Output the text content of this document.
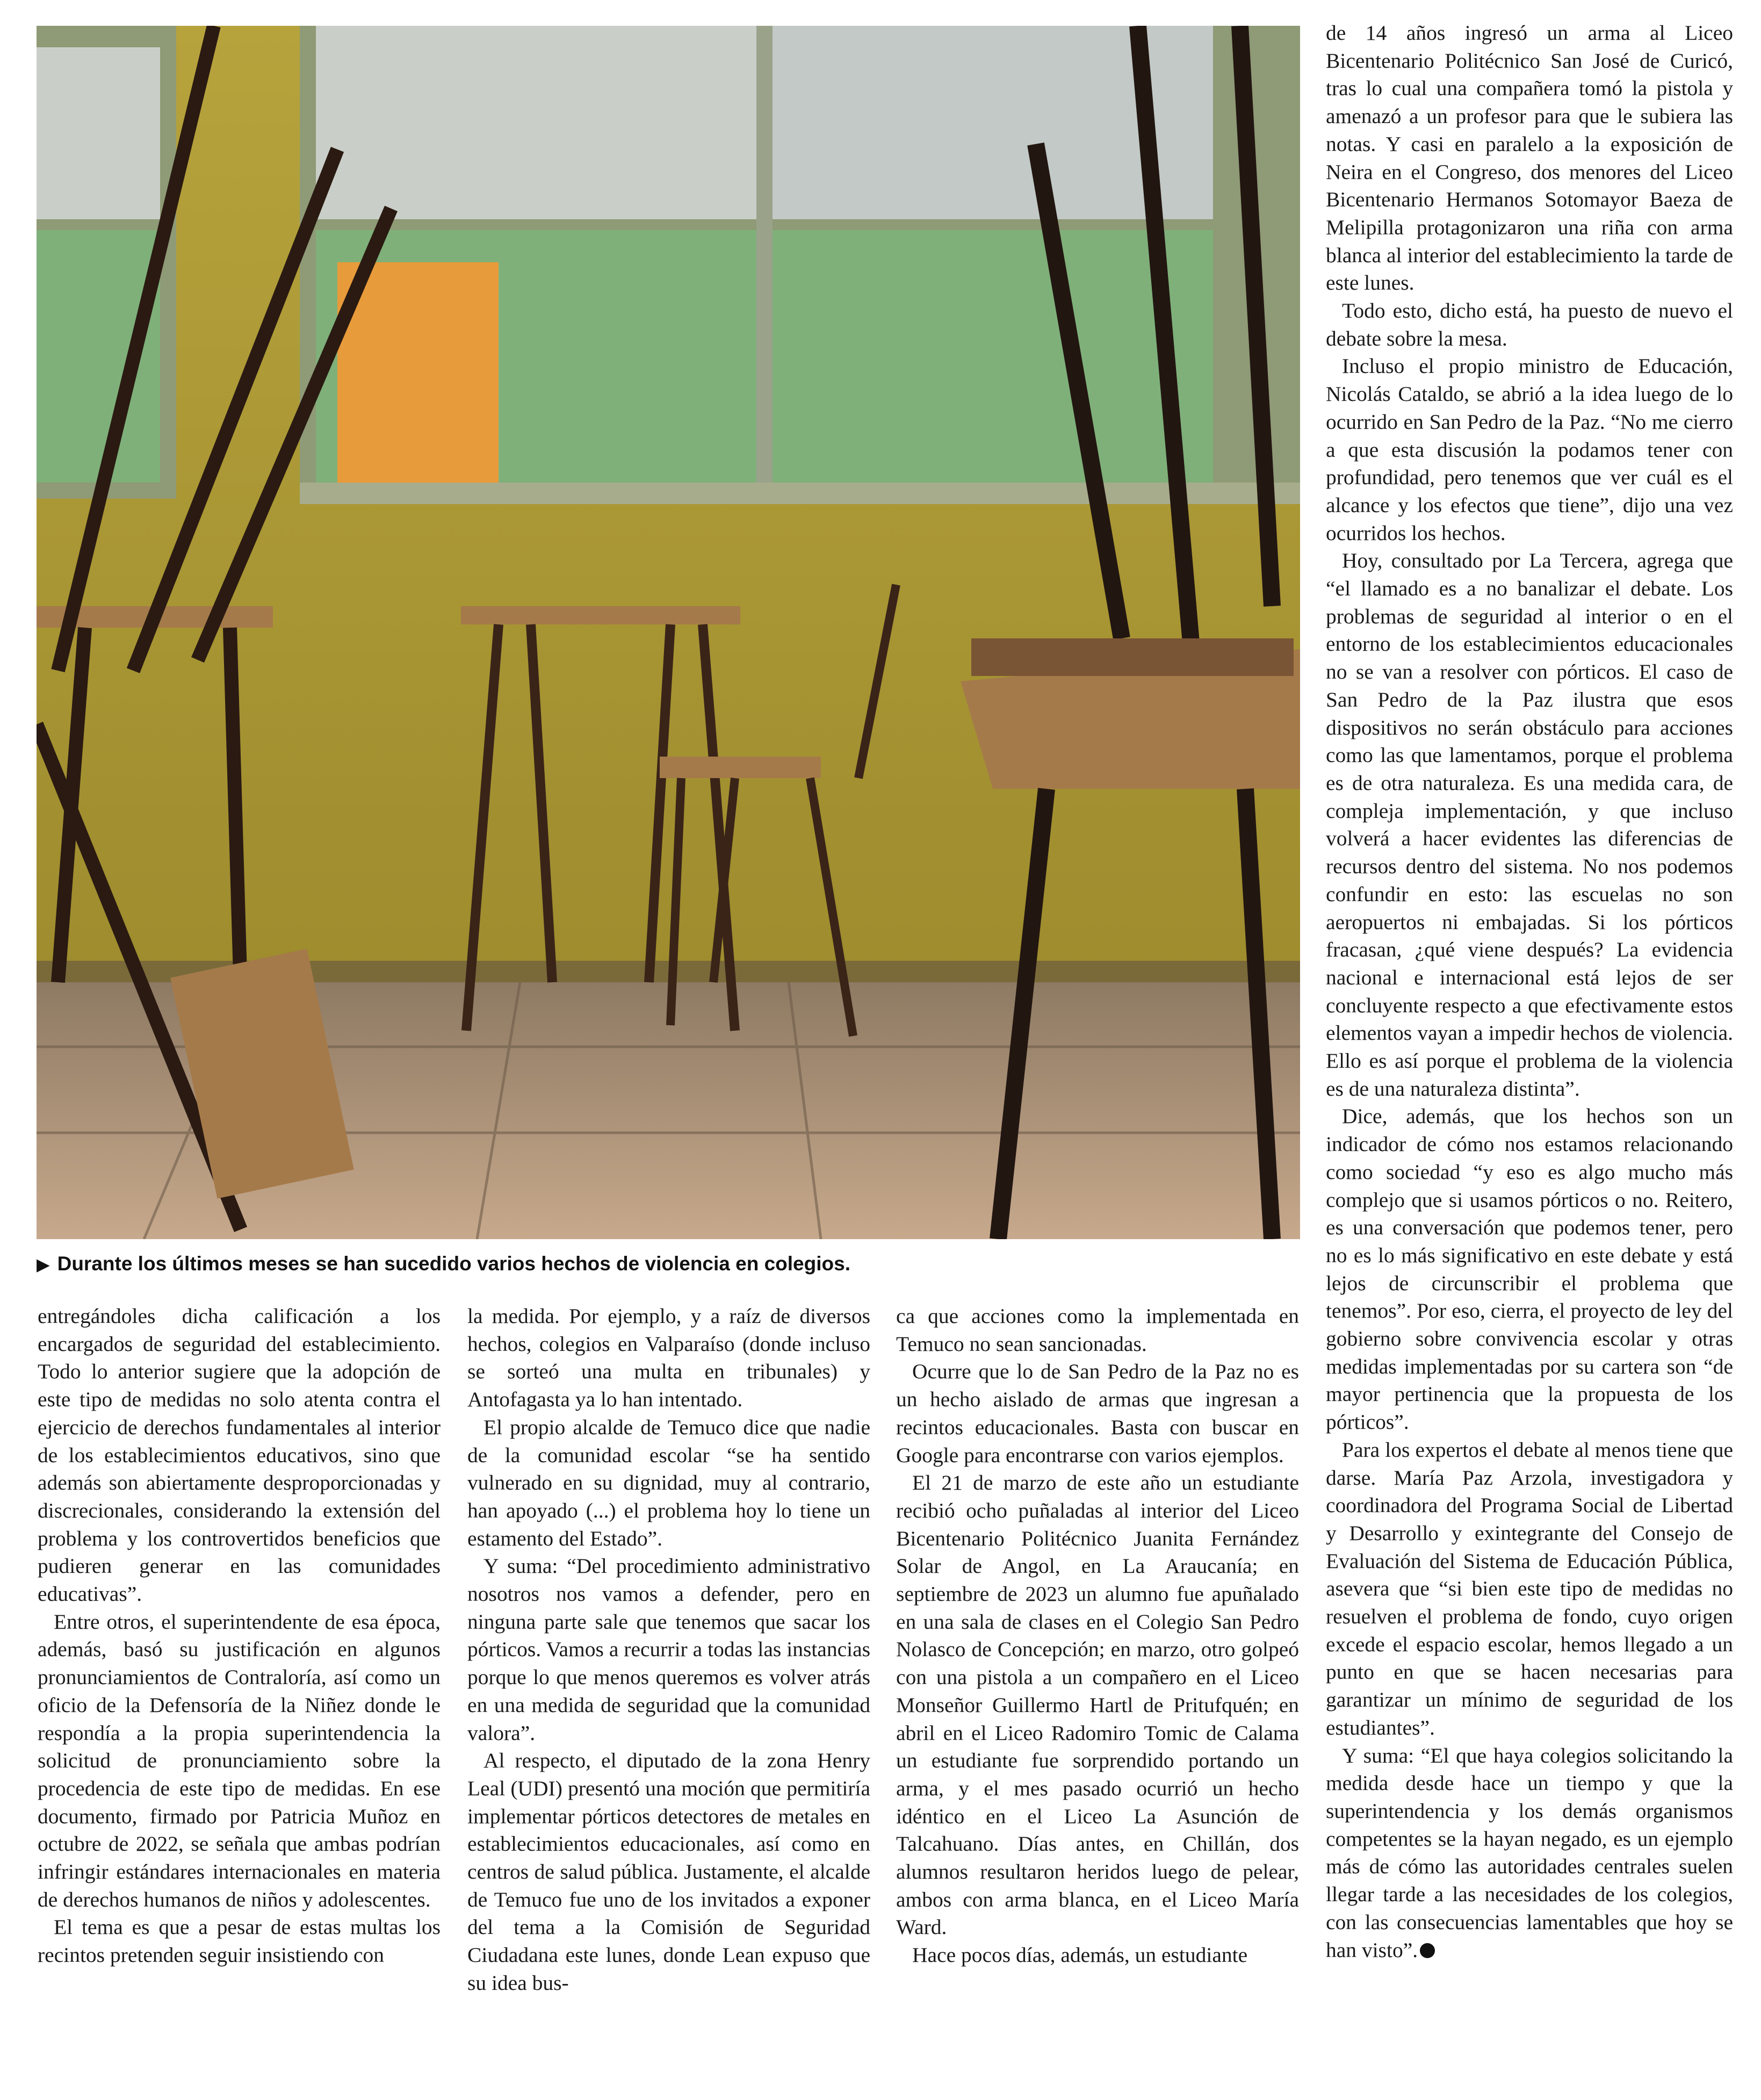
▶ Durante los últimos meses se han sucedido varios hechos de violencia en colegios.

entregándoles dicha calificación a los encargados de seguridad del establecimiento. Todo lo anterior sugiere que la adopción de este tipo de medidas no solo atenta contra el ejercicio de derechos fundamentales al interior de los establecimientos educativos, sino que además son abiertamente desproporcionadas y discrecionales, considerando la extensión del problema y los controvertidos beneficios que pudieren generar en las comunidades educativas”.

Entre otros, el superintendente de esa época, además, basó su justificación en algunos pronunciamientos de Contraloría, así como un oficio de la Defensoría de la Niñez donde le respondía a la propia superintendencia la solicitud de pronunciamiento sobre la procedencia de este tipo de medidas. En ese documento, firmado por Patricia Muñoz en octubre de 2022, se señala que ambas podrían infringir estándares internacionales en materia de derechos humanos de niños y adolescentes.

El tema es que a pesar de estas multas los recintos pretenden seguir insistiendo con

la medida. Por ejemplo, y a raíz de diversos hechos, colegios en Valparaíso (donde incluso se sorteó una multa en tribunales) y Antofagasta ya lo han intentado.

El propio alcalde de Temuco dice que nadie de la comunidad escolar “se ha sentido vulnerado en su dignidad, muy al contrario, han apoyado (...) el problema hoy lo tiene un estamento del Estado”.

Y suma: “Del procedimiento administrativo nosotros nos vamos a defender, pero en ninguna parte sale que tenemos que sacar los pórticos. Vamos a recurrir a todas las instancias porque lo que menos queremos es volver atrás en una medida de seguridad que la comunidad valora”.

Al respecto, el diputado de la zona Henry Leal (UDI) presentó una moción que permitiría implementar pórticos detectores de metales en establecimientos educacionales, así como en centros de salud pública. Justamente, el alcalde de Temuco fue uno de los invitados a exponer del tema a la Comisión de Seguridad Ciudadana este lunes, donde Lean expuso que su idea bus-

ca que acciones como la implementada en Temuco no sean sancionadas.

Ocurre que lo de San Pedro de la Paz no es un hecho aislado de armas que ingresan a recintos educacionales. Basta con buscar en Google para encontrarse con varios ejemplos.

El 21 de marzo de este año un estudiante recibió ocho puñaladas al interior del Liceo Bicentenario Politécnico Juanita Fernández Solar de Angol, en La Araucanía; en septiembre de 2023 un alumno fue apuñalado en una sala de clases en el Colegio San Pedro Nolasco de Concepción; en marzo, otro golpeó con una pistola a un compañero en el Liceo Monseñor Guillermo Hartl de Pritufquén; en abril en el Liceo Radomiro Tomic de Calama un estudiante fue sorprendido portando un arma, y el mes pasado ocurrió un hecho idéntico en el Liceo La Asunción de Talcahuano. Días antes, en Chillán, dos alumnos resultaron heridos luego de pelear, ambos con arma blanca, en el Liceo María Ward.

Hace pocos días, además, un estudiante

de 14 años ingresó un arma al Liceo Bicentenario Politécnico San José de Curicó, tras lo cual una compañera tomó la pistola y amenazó a un profesor para que le subiera las notas. Y casi en paralelo a la exposición de Neira en el Congreso, dos menores del Liceo Bicentenario Hermanos Sotomayor Baeza de Melipilla protagonizaron una riña con arma blanca al interior del establecimiento la tarde de este lunes.

Todo esto, dicho está, ha puesto de nuevo el debate sobre la mesa.

Incluso el propio ministro de Educación, Nicolás Cataldo, se abrió a la idea luego de lo ocurrido en San Pedro de la Paz. “No me cierro a que esta discusión la podamos tener con profundidad, pero tenemos que ver cuál es el alcance y los efectos que tiene”, dijo una vez ocurridos los hechos.

Hoy, consultado por La Tercera, agrega que “el llamado es a no banalizar el debate. Los problemas de seguridad al interior o en el entorno de los establecimientos educacionales no se van a resolver con pórticos. El caso de San Pedro de la Paz ilustra que esos dispositivos no serán obstáculo para acciones como las que lamentamos, porque el problema es de otra naturaleza. Es una medida cara, de compleja implementación, y que incluso volverá a hacer evidentes las diferencias de recursos dentro del sistema. No nos podemos confundir en esto: las escuelas no son aeropuertos ni embajadas. Si los pórticos fracasan, ¿qué viene después? La evidencia nacional e internacional está lejos de ser concluyente respecto a que efectivamente estos elementos vayan a impedir hechos de violencia. Ello es así porque el problema de la violencia es de una naturaleza distinta”.

Dice, además, que los hechos son un indicador de cómo nos estamos relacionando como sociedad “y eso es algo mucho más complejo que si usamos pórticos o no. Reitero, es una conversación que podemos tener, pero no es lo más significativo en este debate y está lejos de circunscribir el problema que tenemos”. Por eso, cierra, el proyecto de ley del gobierno sobre convivencia escolar y otras medidas implementadas por su cartera son “de mayor pertinencia que la propuesta de los pórticos”.

Para los expertos el debate al menos tiene que darse. María Paz Arzola, investigadora y coordinadora del Programa Social de Libertad y Desarrollo y exintegrante del Consejo de Evaluación del Sistema de Educación Pública, asevera que “si bien este tipo de medidas no resuelven el problema de fondo, cuyo origen excede el espacio escolar, hemos llegado a un punto en que se hacen necesarias para garantizar un mínimo de seguridad de los estudiantes”.

Y suma: “El que haya colegios solicitando la medida desde hace un tiempo y que la superintendencia y los demás organismos competentes se la hayan negado, es un ejemplo más de cómo las autoridades centrales suelen llegar tarde a las necesidades de los colegios, con las consecuencias lamentables que hoy se han visto”.
